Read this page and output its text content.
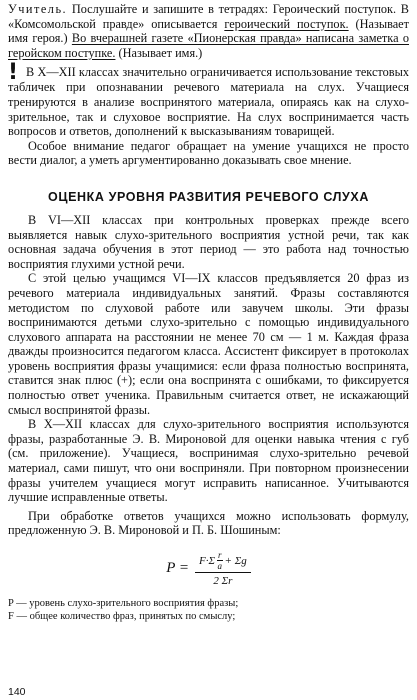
Учитель. Послушайте и запишите в тетрадях: Героический поступок. В «Комсомольской правде» описывается героический поступок. (Называет имя героя.) Во вчерашней газете «Пионерская правда» написана заметка о геройском поступке. (Называет имя.)

! В X—XII классах значительно ограничивается использование текстовых табличек при опознавании речевого материала на слух. Учащиеся тренируются в анализе воспринятого материала, опираясь как на слухо-зрительное, так и слуховое восприятие. На слух воспринимается часть вопросов и ответов, дополнений к высказываниям товарищей.

Особое внимание педагог обращает на умение учащихся не просто вести диалог, а уметь аргументированно доказывать свое мнение.

ОЦЕНКА УРОВНЯ РАЗВИТИЯ РЕЧЕВОГО СЛУХА

В VI—XII классах при контрольных проверках прежде всего выявляется навык слухо-зрительного восприятия устной речи, так как основная задача обучения в этот период — это работа над точностью восприятия глухими устной речи.

С этой целью учащимся VI—IX классов предъявляется 20 фраз из речевого материала индивидуальных занятий. Фразы составляются методистом по слуховой работе или завучем школы. Эти фразы воспринимаются детьми слухо-зрительно с помощью индивидуального слухового аппарата на расстоянии не менее 70 см — 1 м. Каждая фраза дважды произносится педагогом класса. Ассистент фиксирует в протоколах уровень восприятия фразы учащимися: если фраза полностью воспринята, ставится знак плюс (+); если она воспринята с ошибками, то фиксируется полностью ответ ученика. Правильным считается ответ, не искажающий смысл воспринятой фразы.

В X—XII классах для слухо-зрительного восприятия используются фразы, разработанные Э. В. Мироновой для оценки навыка чтения с губ (см. приложение). Учащиеся, воспринимая слухо-зрительно речевой материал, сами пишут, что они восприняли. При повторном произнесении фразы учителем учащиеся могут исправить написанное. Учитываются лучшие исправленные ответы.

При обработке ответов учащихся можно использовать формулу, предложенную Э. В. Мироновой и П. Б. Шошиным:

$P = \frac{F\cdot\Sigma \frac{r}{a} + \Sigma g}{2 \Sigma r}$

P — уровень слухо-зрительного восприятия фразы;

F — общее количество фраз, принятых по смыслу;

140
